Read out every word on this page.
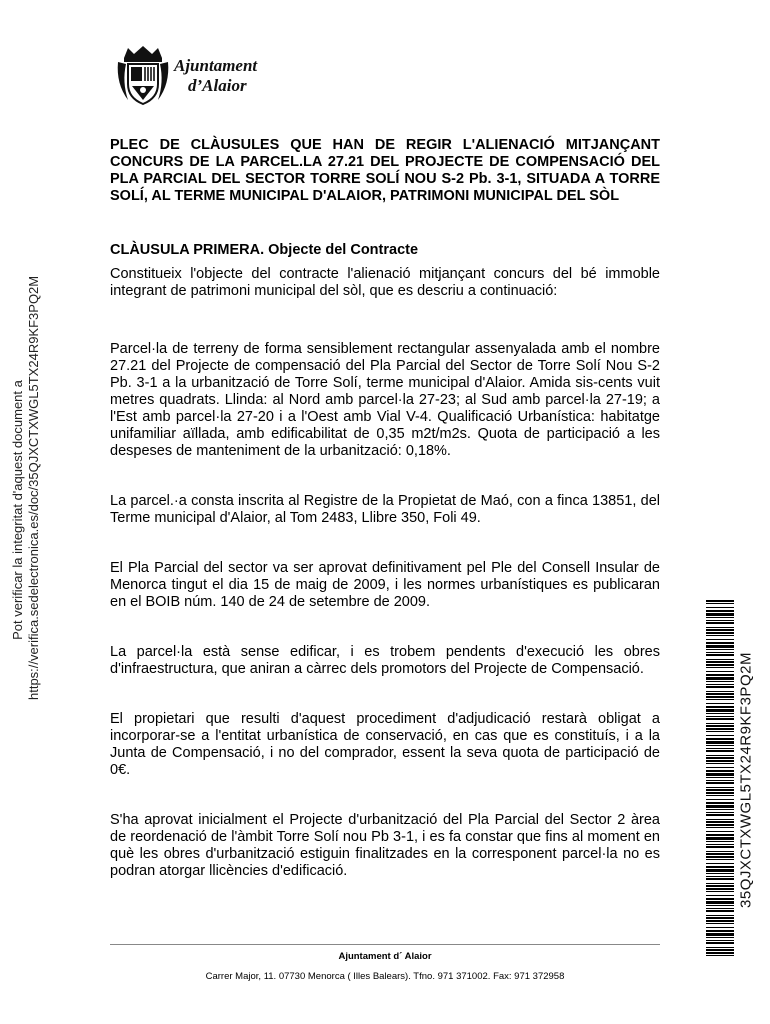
Ajuntament
d’Alaior
Pot verificar la integritat d'aquest document a https://verifica.sedelectronica.es/doc/35QJXCTXWGL5TX24R9KF3PQ2M
35QJXCTXWGL5TX24R9KF3PQ2M

PLEC DE CLÀUSULES QUE HAN DE REGIR L'ALIENACIÓ MITJANÇANT CONCURS DE LA PARCEL.LA 27.21 DEL PROJECTE DE COMPENSACIÓ DEL PLA PARCIAL DEL SECTOR TORRE SOLÍ NOU S-2 Pb. 3-1, SITUADA A TORRE SOLÍ, AL TERME MUNICIPAL D'ALAIOR, PATRIMONI MUNICIPAL DEL SÒL

CLÀUSULA PRIMERA. Objecte del Contracte

Constitueix l'objecte del contracte l'alienació mitjançant concurs del bé immoble integrant de patrimoni municipal del sòl, que es descriu a continuació:

Parcel·la de terreny de forma sensiblement rectangular assenyalada amb el nombre 27.21 del Projecte de compensació del Pla Parcial del Sector de Torre Solí Nou S-2 Pb. 3-1 a la urbanització de Torre Solí, terme municipal d'Alaior. Amida sis-cents vuit metres quadrats. Llinda: al Nord amb parcel·la 27-23; al Sud amb parcel·la 27-19; a l'Est amb parcel·la 27-20 i a l'Oest amb Vial V-4. Qualificació Urbanística: habitatge unifamiliar aïllada, amb edificabilitat de 0,35 m2t/m2s. Quota de participació a les despeses de manteniment de la urbanització: 0,18%.

La parcel.·a consta inscrita al Registre de la Propietat de Maó, con a finca 13851, del Terme municipal d'Alaior, al Tom 2483, Llibre 350, Foli 49.

El Pla Parcial del sector va ser aprovat definitivament pel Ple del Consell Insular de Menorca tingut el dia 15 de maig de 2009, i les normes urbanístiques es publicaran en el BOIB núm. 140 de 24 de setembre de 2009.

La parcel·la està sense edificar, i es trobem pendents d'execució les obres d'infraestructura, que aniran a càrrec dels promotors del Projecte de Compensació.

El propietari que resulti d'aquest procediment d'adjudicació restarà obligat a incorporar-se a l'entitat urbanística de conservació, en cas que es constituís, i a la Junta de Compensació, i no del comprador, essent la seva quota de participació de 0€.

S'ha aprovat inicialment el Projecte d'urbanització del Pla Parcial del Sector 2 àrea de reordenació de l'àmbit Torre Solí nou Pb 3-1, i es fa constar que fins al moment en què les obres d'urbanització estiguin finalitzades en la corresponent parcel·la no es podran atorgar llicències d'edificació.

Ajuntament d´ Alaior
Carrer Major, 11. 07730 Menorca ( Illes Balears). Tfno. 971 371002. Fax: 971 372958
